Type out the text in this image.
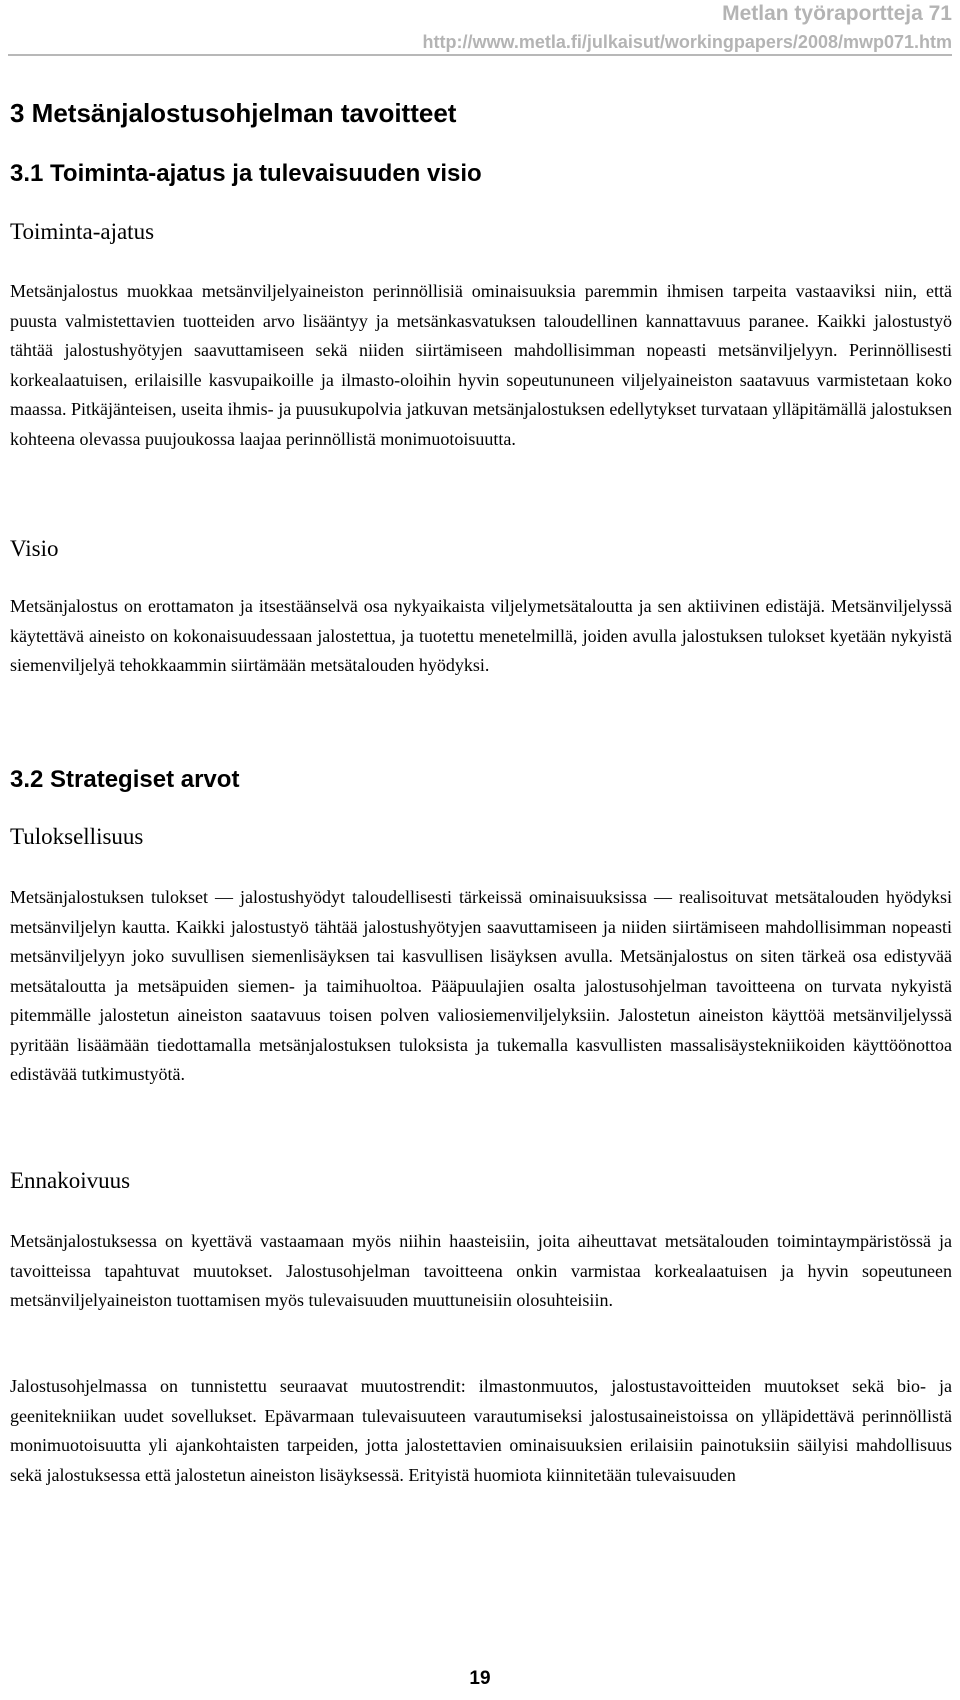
Metlan työraportteja 71
http://www.metla.fi/julkaisut/workingpapers/2008/mwp071.htm
3 Metsänjalostusohjelman tavoitteet
3.1 Toiminta-ajatus ja tulevaisuuden visio
Toiminta-ajatus

Metsänjalostus muokkaa metsänviljelyaineiston perinnöllisiä ominaisuuksia paremmin ihmisen tarpeita vastaaviksi niin, että puusta valmistettavien tuotteiden arvo lisääntyy ja metsänkasvatuksen taloudellinen kannattavuus paranee. Kaikki jalostustyö tähtää jalostushyötyjen saavuttamiseen sekä niiden siirtämiseen mahdollisimman nopeasti metsänviljelyyn. Perinnöllisesti korkealaatuisen, erilaisille kasvupaikoille ja ilmasto-oloihin hyvin sopeutununeen viljelyaineiston saatavuus varmistetaan koko maassa. Pitkäjänteisen, useita ihmis- ja puusukupolvia jatkuvan metsänjalostuksen edellytykset turvataan ylläpitämällä jalostuksen kohteena olevassa puujoukossa laajaa perinnöllistä monimuotoisuutta.

Visio

Metsänjalostus on erottamaton ja itsestäänselvä osa nykyaikaista viljelymetsätaloutta ja sen aktiivinen edistäjä. Metsänviljelyssä käytettävä aineisto on kokonaisuudessaan jalostettua, ja tuotettu menetelmillä, joiden avulla jalostuksen tulokset kyetään nykyistä siemenviljelyä tehokkaammin siirtämään metsätalouden hyödyksi.

3.2 Strategiset arvot
Tuloksellisuus

Metsänjalostuksen tulokset — jalostushyödyt taloudellisesti tärkeissä ominaisuuksissa — realisoituvat metsätalouden hyödyksi metsänviljelyn kautta. Kaikki jalostustyö tähtää jalostushyötyjen saavuttamiseen ja niiden siirtämiseen mahdollisimman nopeasti metsänviljelyyn joko suvullisen siemenlisäyksen tai kasvullisen lisäyksen avulla. Metsänjalostus on siten tärkeä osa edistyvää metsätaloutta ja metsäpuiden siemen- ja taimihuoltoa. Pääpuulajien osalta jalostusohjelman tavoitteena on turvata nykyistä pitemmälle jalostetun aineiston saatavuus toisen polven valiosiemenviljelyksiin. Jalostetun aineiston käyttöä metsänviljelyssä pyritään lisäämään tiedottamalla metsänjalostuksen tuloksista ja tukemalla kasvullisten massalisäystekniikoiden käyttöönottoa edistävää tutkimustyötä.

Ennakoivuus

Metsänjalostuksessa on kyettävä vastaamaan myös niihin haasteisiin, joita aiheuttavat metsätalouden toimintaympäristössä ja tavoitteissa tapahtuvat muutokset. Jalostusohjelman tavoitteena onkin varmistaa korkealaatuisen ja hyvin sopeutuneen metsänviljelyaineiston tuottamisen myös tulevaisuuden muuttuneisiin olosuhteisiin.

Jalostusohjelmassa on tunnistettu seuraavat muutostrendit: ilmastonmuutos, jalostustavoitteiden muutokset sekä bio- ja geenitekniikan uudet sovellukset. Epävarmaan tulevaisuuteen varautumiseksi jalostusaineistoissa on ylläpidettävä perinnöllistä monimuotoisuutta yli ajankohtaisten tarpeiden, jotta jalostettavien ominaisuuksien erilaisiin painotuksiin säilyisi mahdollisuus sekä jalostuksessa että jalostetun aineiston lisäyksessä. Erityistä huomiota kiinnitetään tulevaisuuden

19
